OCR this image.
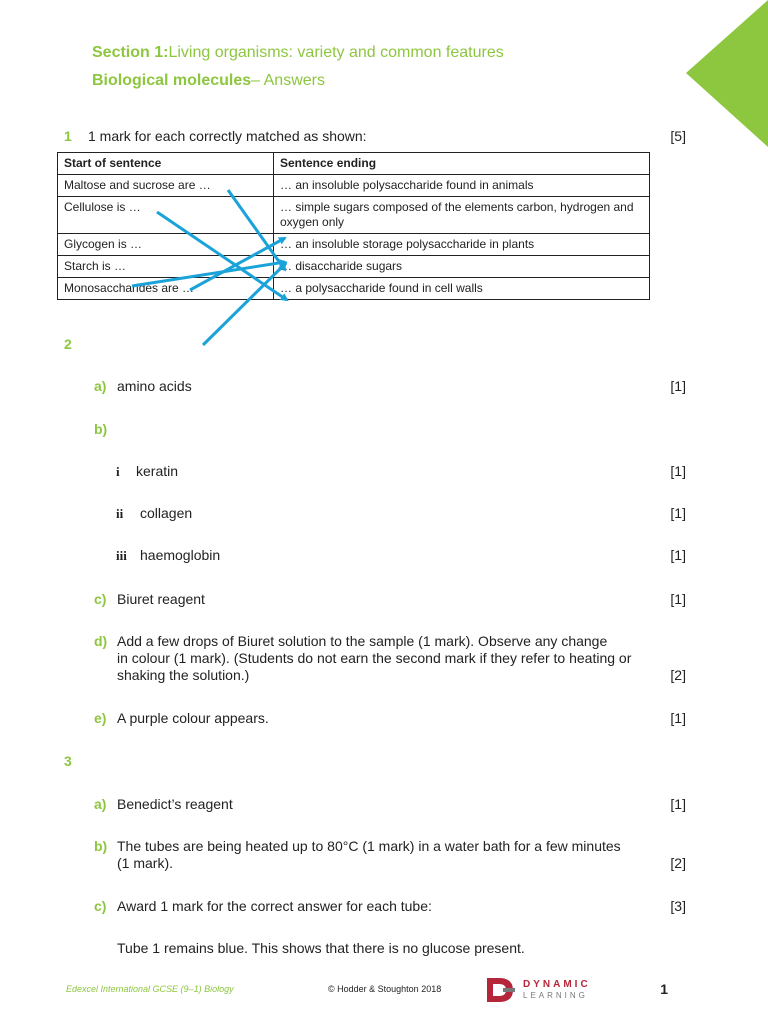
Section 1: Living organisms: variety and common features
Biological molecules – Answers
1 1 mark for each correctly matched as shown:	[5]
Start of sentence	Sentence ending
Maltose and sucrose are …	… an insoluble polysaccharide found in animals
Cellulose is …	… simple sugars composed of the elements carbon, hydrogen and oxygen only
Glycogen is …	… an insoluble storage polysaccharide in plants
Starch is …	… disaccharide sugars
Monosaccharides are …	… a polysaccharide found in cell walls
2
a) amino acids	[1]
b)
i keratin	[1]
ii collagen	[1]
iii haemoglobin	[1]
c) Biuret reagent	[1]
d) Add a few drops of Biuret solution to the sample (1 mark). Observe any change
in colour (1 mark). (Students do not earn the second mark if they refer to heating or
shaking the solution.)	[2]
e) A purple colour appears.	[1]
3
a) Benedict’s reagent	[1]
b) The tubes are being heated up to 80°C (1 mark) in a water bath for a few minutes
(1 mark).	[2]
c) Award 1 mark for the correct answer for each tube:	[3]
Tube 1 remains blue. This shows that there is no glucose present.
Edexcel International GCSE (9–1) Biology	© Hodder & Stoughton 2018	DYNAMIC
LEARNING	1
